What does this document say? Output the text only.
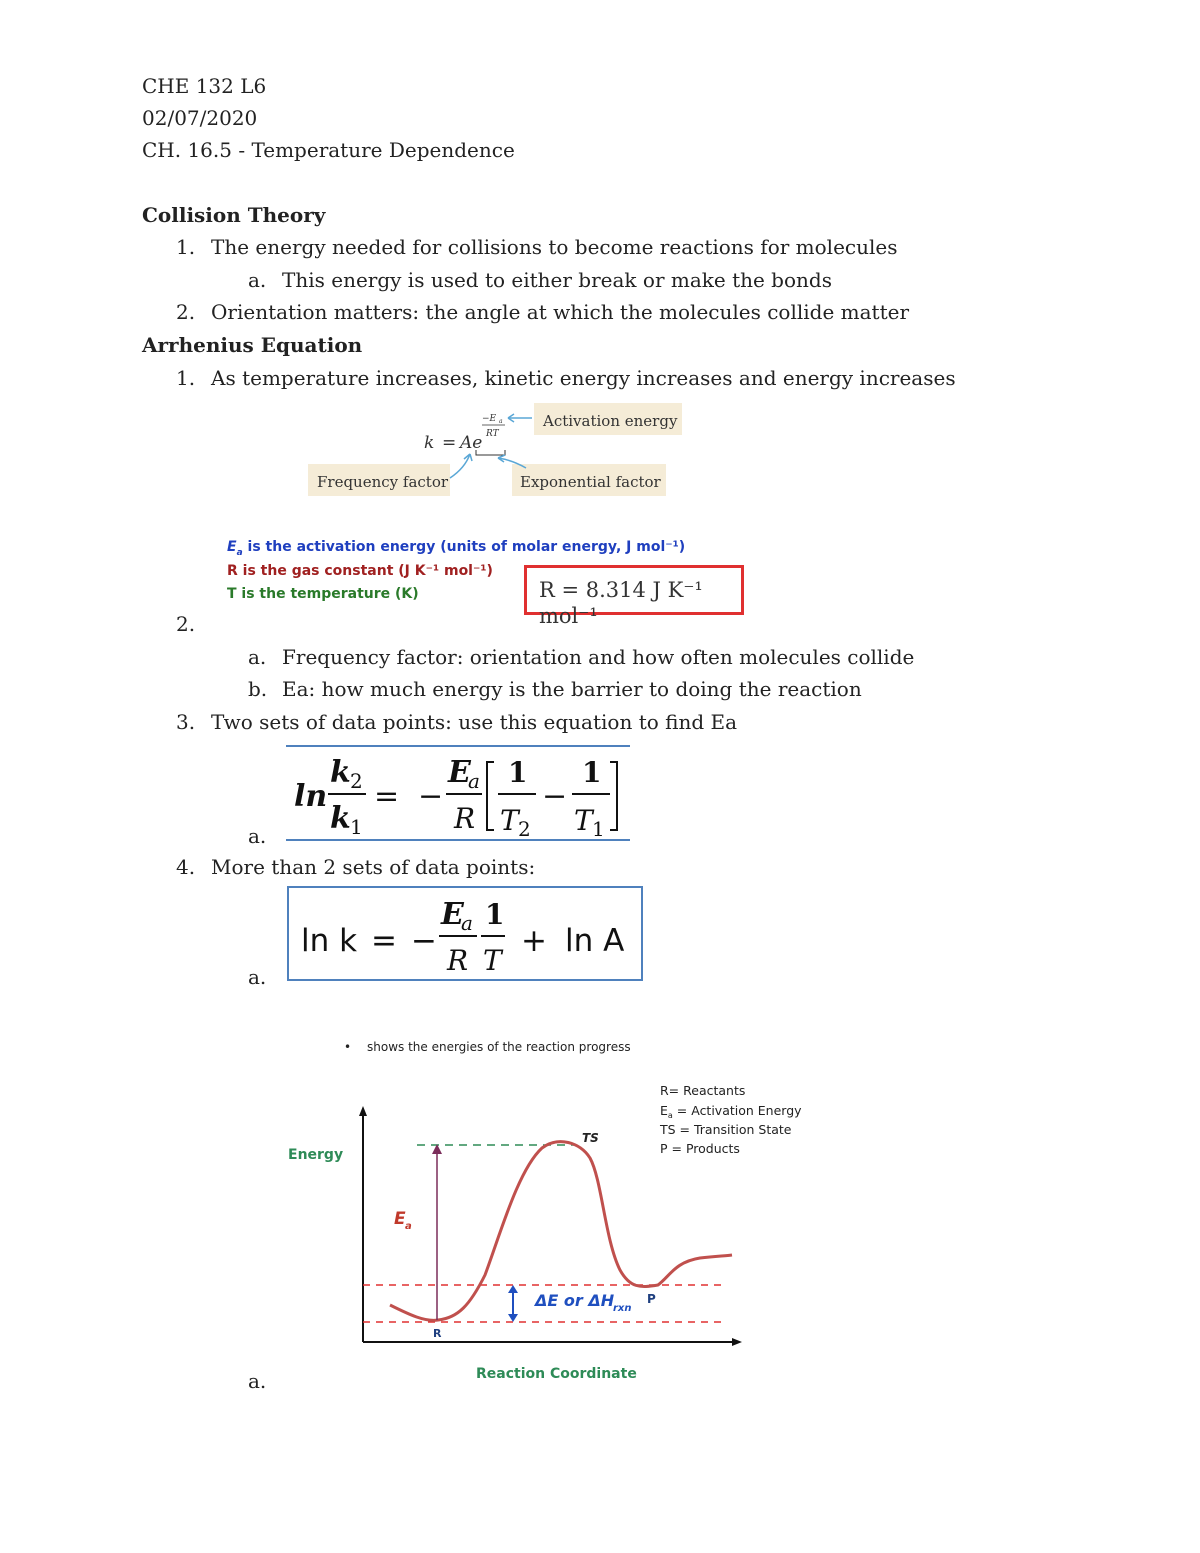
CHE 132 L6
02/07/2020
CH. 16.5 - Temperature Dependence
Collision Theory
1. The energy needed for collisions to become reactions for molecules
a. This energy is used to either break or make the bonds
2. Orientation matters: the angle at which the molecules collide matter
Arrhenius Equation
1. As temperature increases, kinetic energy increases and energy increases
k = Ae
−E a
RT
Activation energy
Frequency factor	Exponential factor
$E_a$ is the activation energy (units of molar energy, J mol⁻¹)
R is the gas constant (J K⁻¹ mol⁻¹)
T is the temperature (K)	R = 8.314 J K⁻¹ mol⁻¹
2.
a. Frequency factor: orientation and how often molecules collide
b. Ea: how much energy is the barrier to doing the reaction
3. Two sets of data points: use this equation to find Ea
ln
k 2
k 1
= −
E
a
R
1
T 2
−
1
T 1
a.
4. More than 2 sets of data points:
ln k = −
E
a
R
1
T
+ ln A
a.
• shows the energies of the reaction progress
R= Reactants
$E_a$ = Activation Energy
TS = Transition State
P = Products
Energy
Reaction Coordinate
E a
ΔE or ΔH
rxn
TS
P
R
a.
